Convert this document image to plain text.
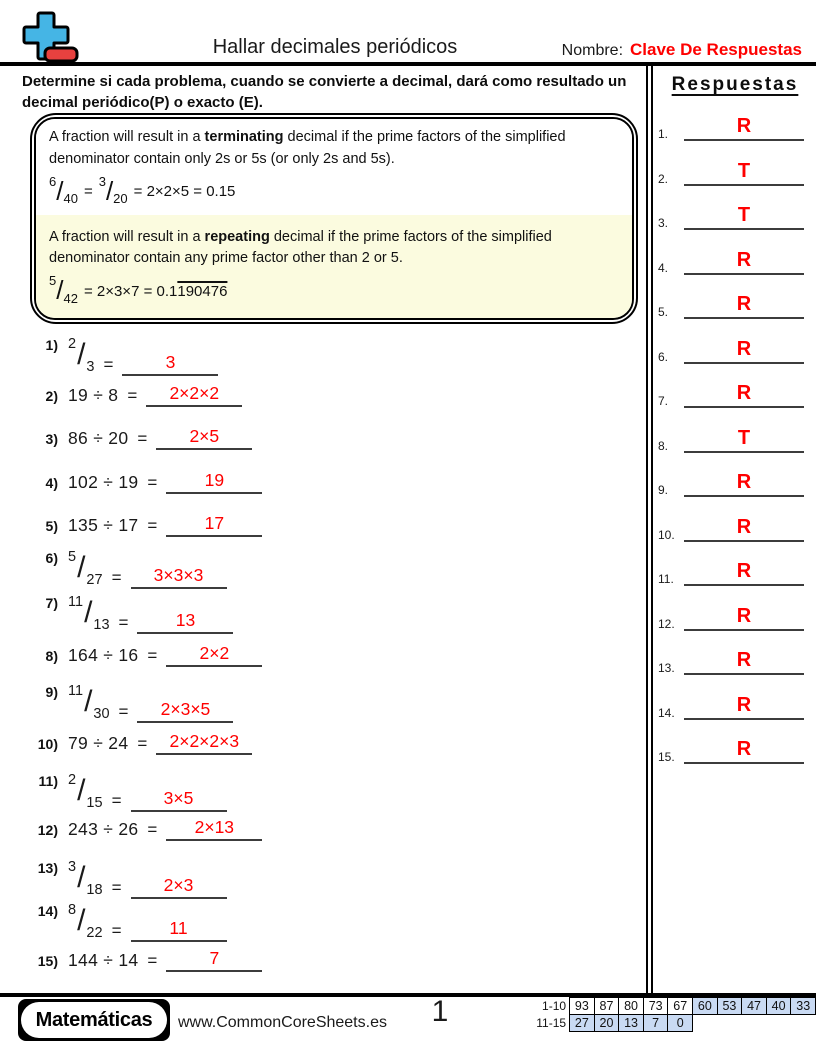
Hallar decimales periódicos	Nombre: Clave De Respuestas
Determine si cada problema, cuando se convierte a decimal, dará como resultado un decimal periódico(P) o exacto (E).
A fraction will result in a terminating decimal if the prime factors of the simplified denominator contain only 2s or 5s (or only 2s and 5s).
6 / 40 =
3 / 20 = 2×2×5 = 0.15
A fraction will result in a repeating decimal if the prime factors of the simplified denominator contain any prime factor other than 2 or 5.
5 / 42 = 2×3×7 = 0.1 190476
1) 2 / 3 =	3
2) 19 ÷ 8 =	2×2×2
3) 86 ÷ 20 =	2×5
4) 102 ÷ 19 =	19
5) 135 ÷ 17 =	17
6) 5 / 27 =	3×3×3
7) 11 / 13 =	13
8) 164 ÷ 16 =	2×2
9) 11 / 30 =	2×3×5
10) 79 ÷ 24 =	2×2×2×3
11) 2 / 15 =	3×5
12) 243 ÷ 26 =	2×13
13) 3 / 18 =	2×3
14) 8 / 22 =	11
15) 144 ÷ 14 =	7
Respuestas
1.	R
2.	T
3.	T
4.	R
5.	R
6.	R
7.	R
8.	T
9.	R
10.	R
11.	R
12.	R
13.	R
14.	R
15.	R
Matemáticas	www.CommonCoreSheets.es	1	1-10 93 87 80 73 67 60 53 47 40 33
11-15 27 20 13	7	0
